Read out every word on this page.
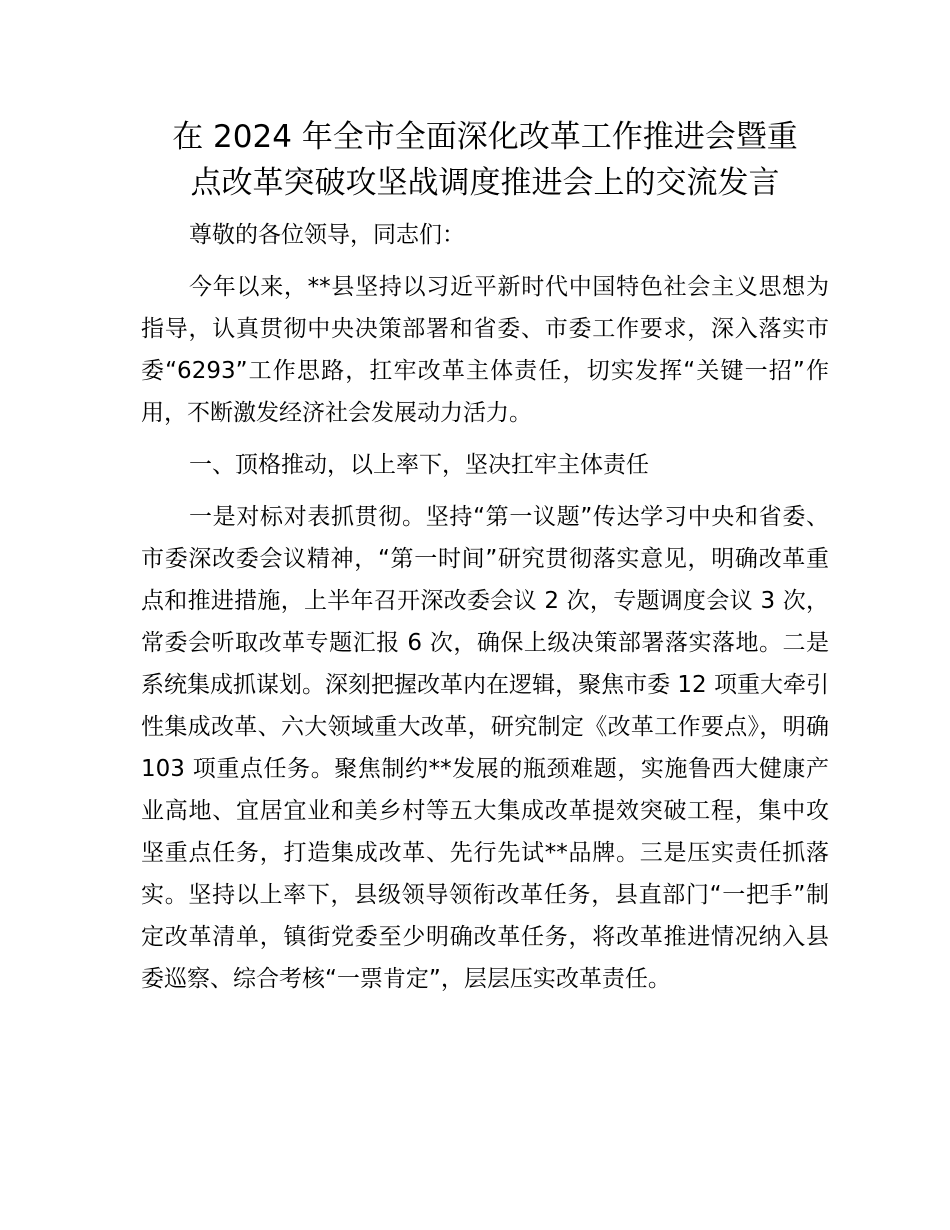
在 2024 年全市全面深化改革工作推进会暨重
点改革突破攻坚战调度推进会上的交流发言

尊敬的各位领导，同志们：

今年以来，**县坚持以习近平新时代中国特色社会主义思想为指导，认真贯彻中央决策部署和省委、市委工作要求，深入落实市委“6293”工作思路，扛牢改革主体责任，切实发挥“关键一招”作用，不断激发经济社会发展动力活力。

一、顶格推动，以上率下，坚决扛牢主体责任

一是对标对表抓贯彻。坚持“第一议题”传达学习中央和省委、市委深改委会议精神，“第一时间”研究贯彻落实意见，明确改革重点和推进措施，上半年召开深改委会议 2 次，专题调度会议 3 次，常委会听取改革专题汇报 6 次，确保上级决策部署落实落地。二是系统集成抓谋划。深刻把握改革内在逻辑，聚焦市委 12 项重大牵引性集成改革、六大领域重大改革，研究制定《改革工作要点》，明确 103 项重点任务。聚焦制约**发展的瓶颈难题，实施鲁西大健康产业高地、宜居宜业和美乡村等五大集成改革提效突破工程，集中攻坚重点任务，打造集成改革、先行先试**品牌。三是压实责任抓落实。坚持以上率下，县级领导领衔改革任务，县直部门“一把手”制定改革清单，镇街党委至少明确改革任务，将改革推进情况纳入县委巡察、综合考核“一票肯定”，层层压实改革责任。
